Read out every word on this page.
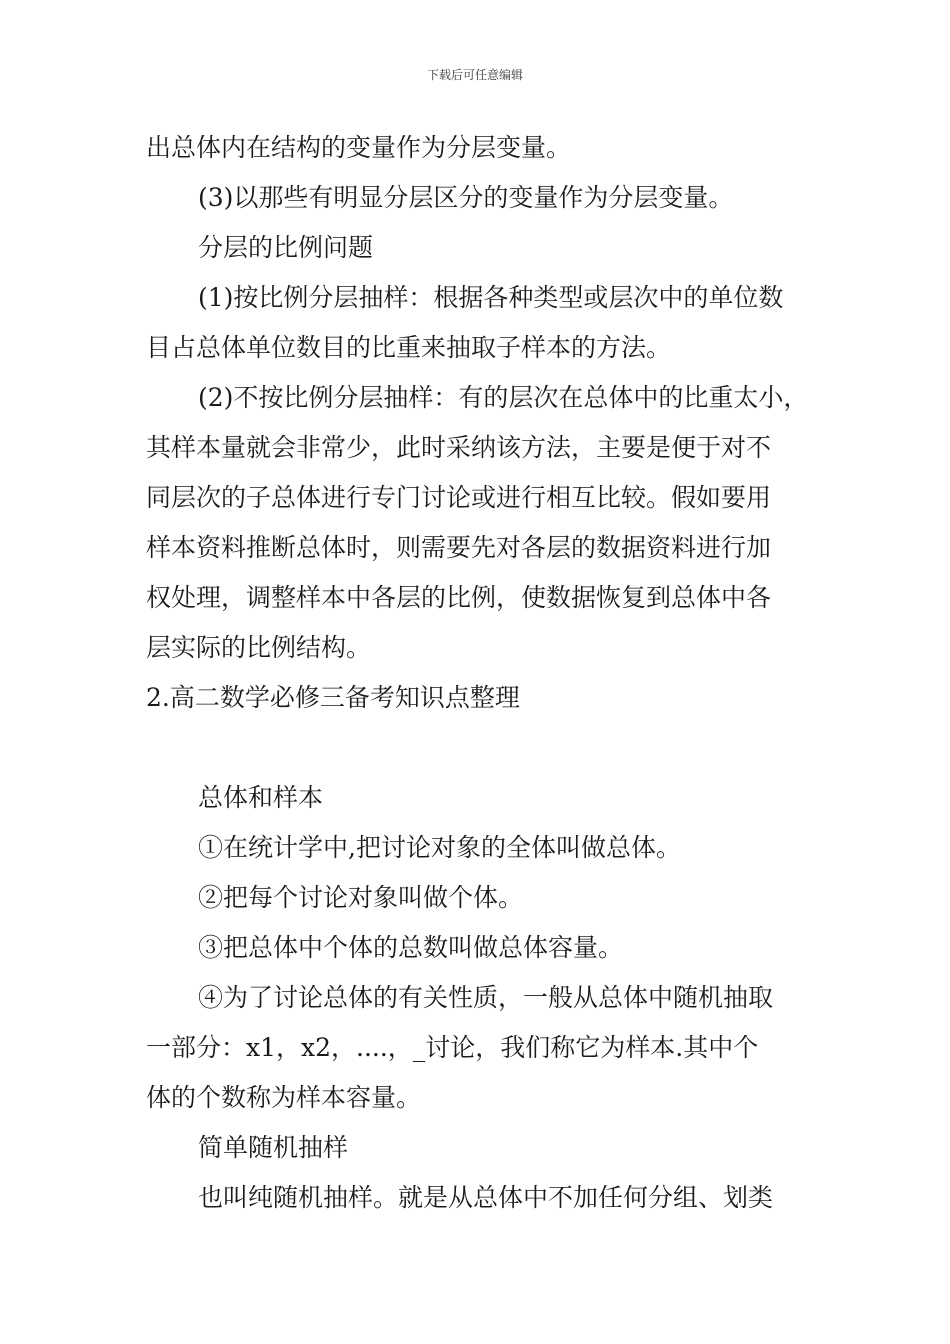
下载后可任意编辑
出总体内在结构的变量作为分层变量。
(3)以那些有明显分层区分的变量作为分层变量。
分层的比例问题
(1)按比例分层抽样：根据各种类型或层次中的单位数
目占总体单位数目的比重来抽取子样本的方法。
(2)不按比例分层抽样：有的层次在总体中的比重太小，
其样本量就会非常少，此时采纳该方法，主要是便于对不
同层次的子总体进行专门讨论或进行相互比较。假如要用
样本资料推断总体时，则需要先对各层的数据资料进行加
权处理，调整样本中各层的比例，使数据恢复到总体中各
层实际的比例结构。
2.高二数学必修三备考知识点整理
总体和样本
①在统计学中,把讨论对象的全体叫做总体。
②把每个讨论对象叫做个体。
③把总体中个体的总数叫做总体容量。
④为了讨论总体的有关性质，一般从总体中随机抽取
一部分：x1，x2，....，_讨论，我们称它为样本.其中个
体的个数称为样本容量。
简单随机抽样
也叫纯随机抽样。就是从总体中不加任何分组、划类
